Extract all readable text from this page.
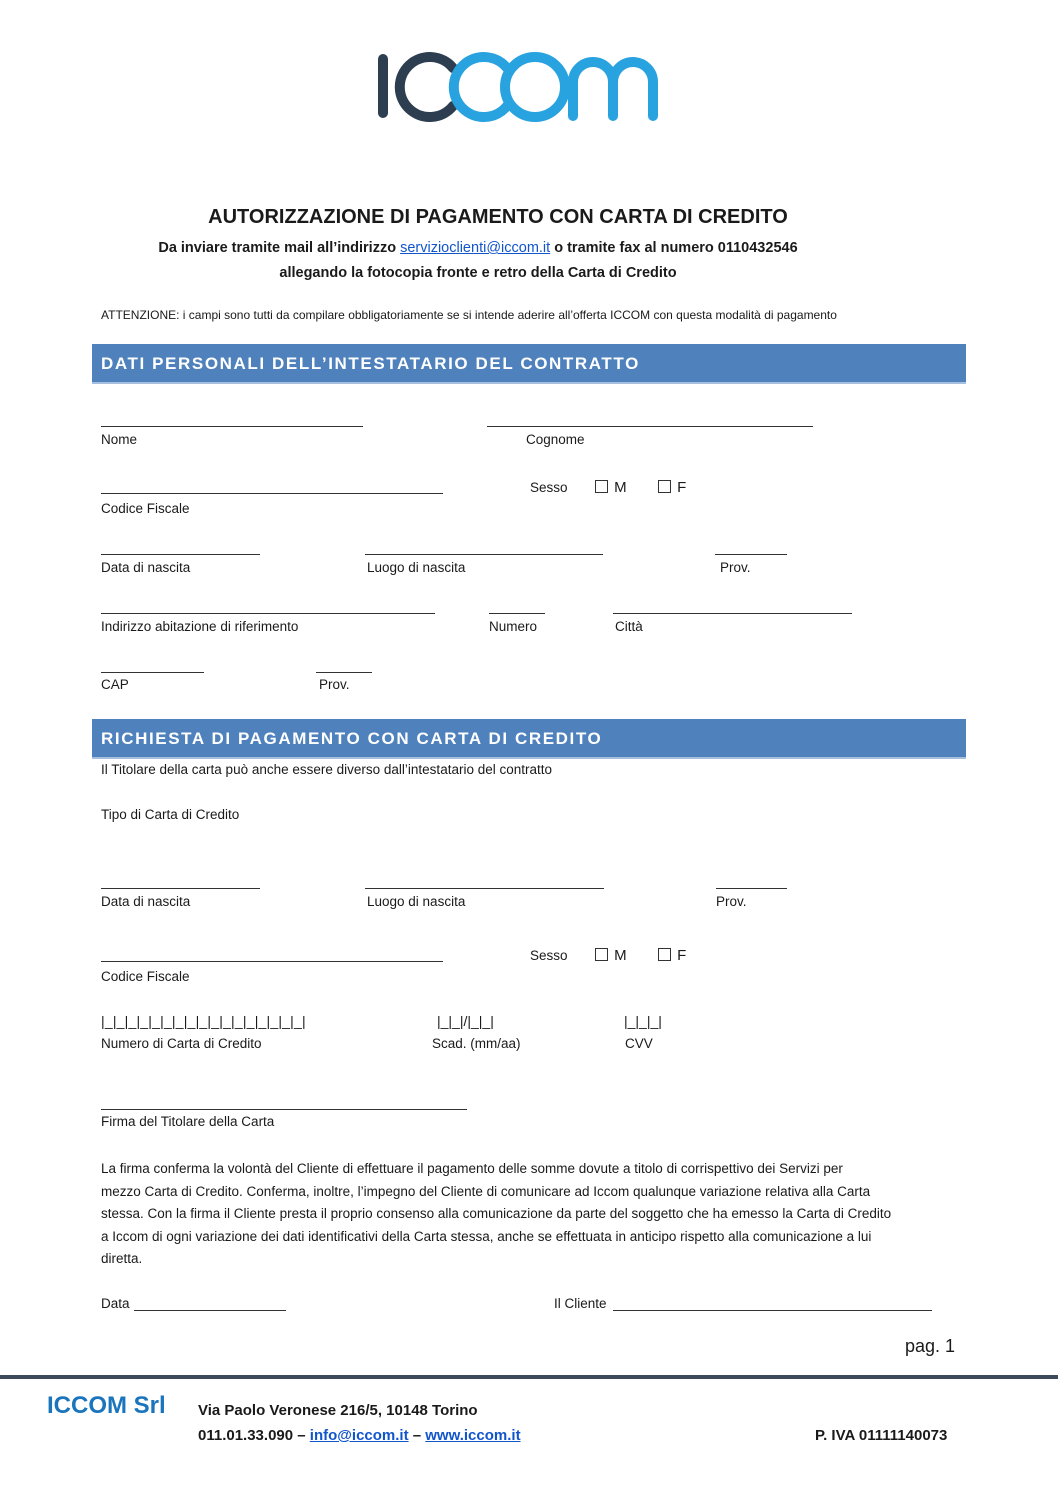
AUTORIZZAZIONE DI PAGAMENTO CON CARTA DI CREDITO
Da inviare tramite mail all’indirizzo servizioclienti@iccom.it o tramite fax al numero 0110432546
allegando la fotocopia fronte e retro della Carta di Credito
ATTENZIONE: i campi sono tutti da compilare obbligatoriamente se si intende aderire all’offerta ICCOM con questa modalità di pagamento
DATI PERSONALI DELL’INTESTATARIO DEL CONTRATTO
Nome	Cognome
Codice Fiscale
Sesso	M	F
Data di nascita	Luogo di nascita	Prov.
Indirizzo abitazione di riferimento	Numero	Città
CAP	Prov.
RICHIESTA DI PAGAMENTO CON CARTA DI CREDITO
Il Titolare della carta può anche essere diverso dall’intestatario del contratto
Tipo di Carta di Credito
Data di nascita	Luogo di nascita	Prov.
Codice Fiscale
Sesso	M	F
|_|_|_|_|_|_|_|_|_|_|_|_|_|_|_|_|_|
Numero di Carta di Credito
|_|_|/|_|_|
Scad. (mm/aa)
|_|_|_|
CVV
Firma del Titolare della Carta
La firma conferma la volontà del Cliente di effettuare il pagamento delle somme dovute a titolo di corrispettivo dei Servizi per
mezzo Carta di Credito. Conferma, inoltre, l’impegno del Cliente di comunicare ad Iccom qualunque variazione relativa alla Carta
stessa. Con la firma il Cliente presta il proprio consenso alla comunicazione da parte del soggetto che ha emesso la Carta di Credito
a Iccom di ogni variazione dei dati identificativi della Carta stessa, anche se effettuata in anticipo rispetto alla comunicazione a lui
diretta.
Data	Il Cliente
pag. 1
ICCOM Srl Via Paolo Veronese 216/5, 10148 Torino
011.01.33.090 – info@iccom.it – www.iccom.it	P. IVA 01111140073
